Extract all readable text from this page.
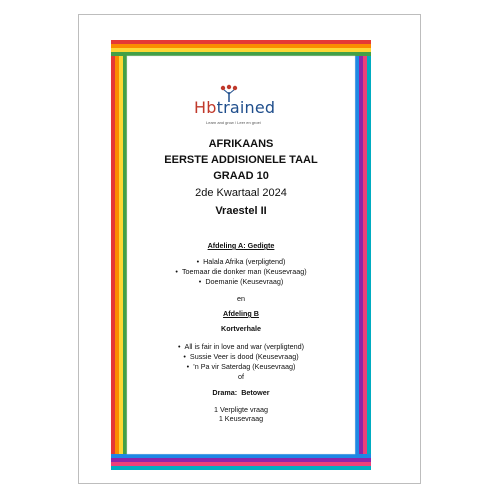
Hbtrained
Learn and grow / Leer en groei
AFRIKAANS
EERSTE ADDISIONELE TAAL
GRAAD 10
2de Kwartaal 2024
Vraestel II
Afdeling A: Gedigte
• Halala Afrika (verpligtend)
• Toemaar die donker man (Keusevraag)
• Doemanie (Keusevraag)
en
Afdeling B
Kortverhale
• All is fair in love and war (verpligtend)
• Sussie Veer is dood (Keusevraag)
• ’n Pa vir Saterdag (Keusevraag)
of
Drama: Betower
1 Verpligte vraag
1 Keusevraag
